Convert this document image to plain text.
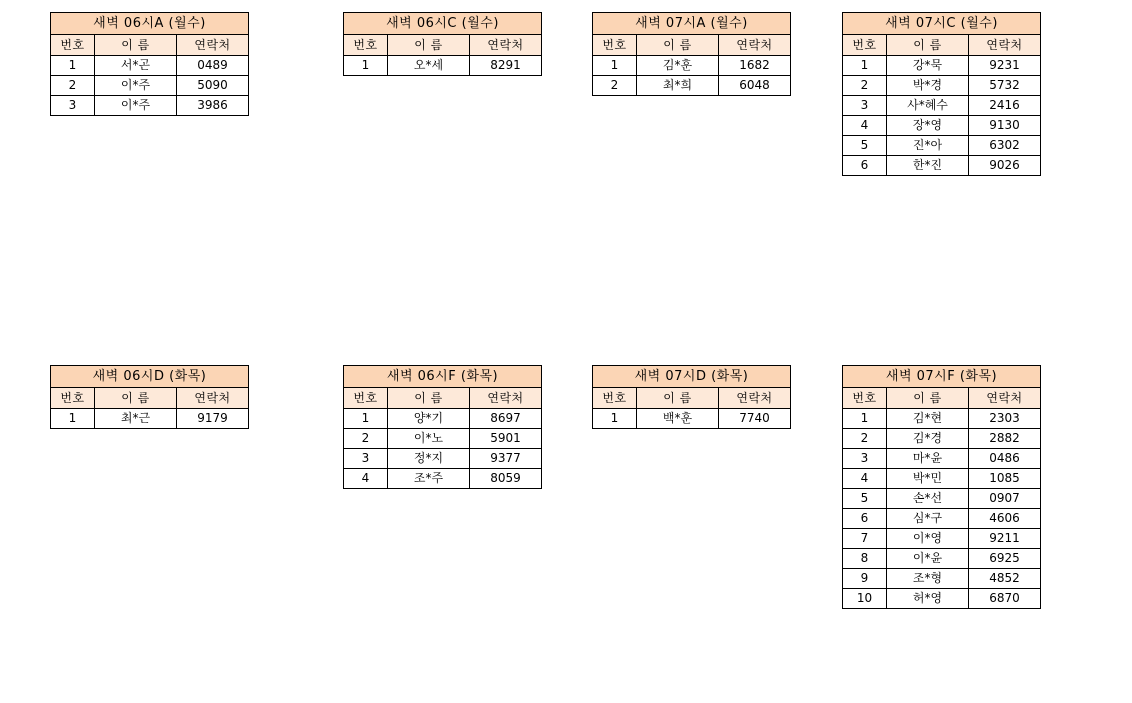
새벽 06시A (월수)		
번호	이 름	연락처
1	서*곤	0489
2	이*주	5090
3	이*주	3986
새벽 06시C (월수)		
번호	이 름	연락처
1	오*세	8291
새벽 07시A (월수)		
번호	이 름	연락처
1	김*훈	1682
2	최*희	6048
새벽 07시C (월수)		
번호	이 름	연락처
1	강*묵	9231
2	박*경	5732
3	사*혜수	2416
4	장*영	9130
5	진*아	6302
6	한*진	9026
새벽 06시D (화목)		
번호	이 름	연락처
1	최*근	9179
새벽 06시F (화목)		
번호	이 름	연락처
1	양*기	8697
2	이*노	5901
3	정*지	9377
4	조*주	8059
새벽 07시D (화목)		
번호	이 름	연락처
1	백*훈	7740
새벽 07시F (화목)		
번호	이 름	연락처
1	김*현	2303
2	김*경	2882
3	마*윤	0486
4	박*민	1085
5	손*선	0907
6	심*구	4606
7	이*영	9211
8	이*윤	6925
9	조*형	4852
10	허*영	6870
